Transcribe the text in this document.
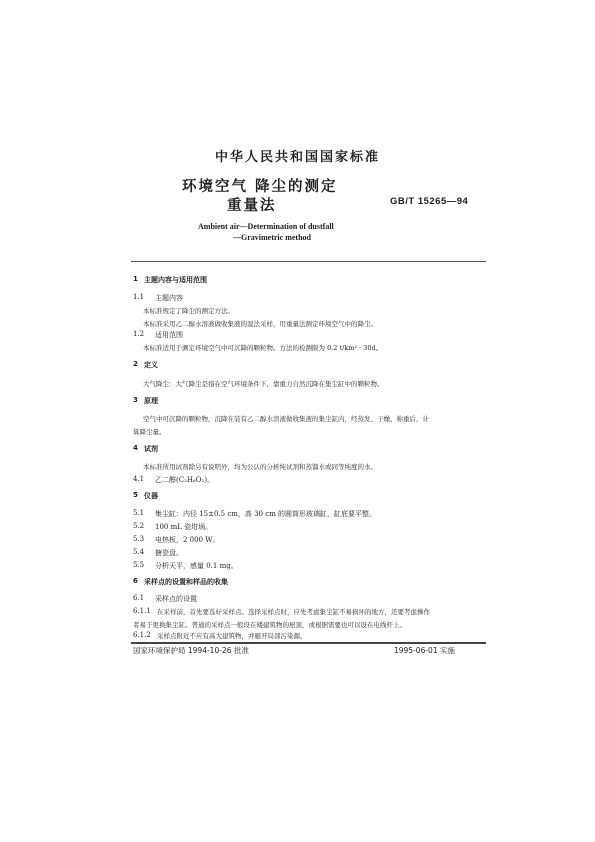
中华人民共和国国家标准
环境空气 降尘的测定
重量法	GB/T 15265—94
Ambient air—Determination of dustfall
—Gravimetric method
1 主题内容与适用范围
1.1 主题内容
本标准规定了降尘的测定方法。
本标准采用乙二醇水溶液做收集液的湿法采样，用重量法测定环境空气中的降尘。
1.2 适用范围
本标准适用于测定环境空气中可沉降的颗粒物。方法的检测限为 0.2 t/km² · 30d。
2 定义
大气降尘：大气降尘是指在空气环境条件下，靠重力自然沉降在集尘缸中的颗粒物。
3 原理
空气中可沉降的颗粒物，沉降在装有乙二醇水溶液做收集液的集尘缸内，经蒸发、干燥、称重后，计
算降尘量。
4 试剂
本标准所用试剂除另有说明外，均为公认的分析纯试剂和蒸馏水或同等纯度的水。
4.1 乙二醇(C₂H₆O₂)。
5 仪器
5.1 集尘缸：内径 15±0.5 cm，高 30 cm 的圆筒形玻璃缸，缸底要平整。
5.2 100 mL 瓷坩埚。
5.3 电热板，2 000 W。
5.4 搪瓷盘。
5.5 分析天平，感量 0.1 mg。
6 采样点的设置和样品的收集
6.1 采样点的设置
6.1.1 在采样前，首先要选好采样点。选择采样点时，应先考虑集尘缸不易损坏的地方，还要考虑操作
者易于更换集尘缸。普通的采样点一般设在矮建筑物的屋顶，或根据需要也可以设在电线杆上。
6.1.2 采样点附近不应有高大建筑物，并避开局部污染源。
国家环境保护局 1994-10-26 批准	1995-06-01 实施
